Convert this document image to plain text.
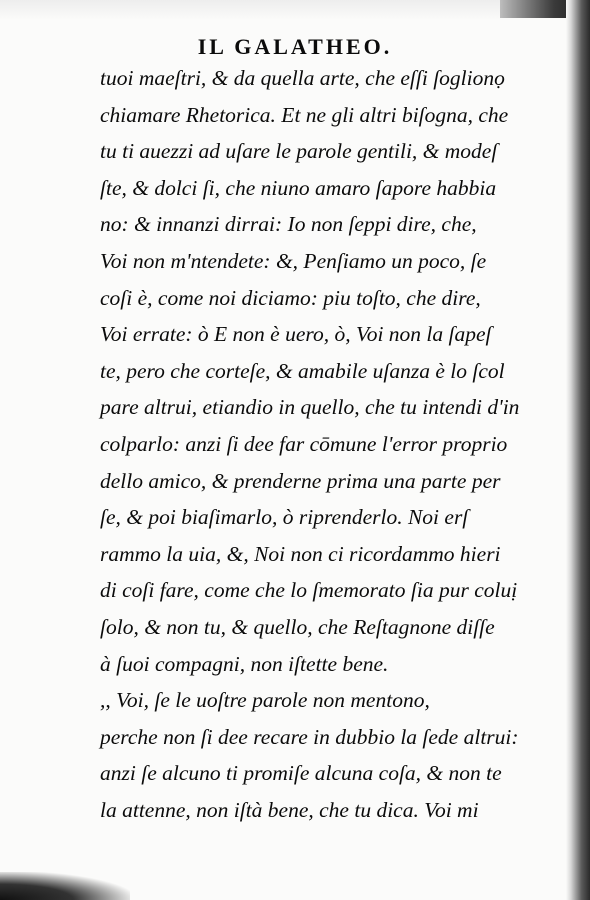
IL GALATHEO.
tuoi maeſtri, & da quella arte, che eſſi ſoglionọ
chiamare Rhetorica. Et ne gli altri biſogna, che
tu ti auezzi ad uſare le parole gentili, & modeſ
ſte, & dolci ſi, che niuno amaro ſapore habbia
no: & innanzi dirrai: Io non ſeppi dire, che,
Voi non m'ntendete: &, Penſiamo un poco, ſe
coſi è, come noi diciamo: piu toſto, che dire,
Voi errate: ò E non è uero, ò, Voi non la ſapeſ
te, pero che corteſe, & amabile uſanza è lo ſcol
pare altrui, etiandio in quello, che tu intendi d'in
colparlo: anzi ſi dee far cōmune l'error proprio
dello amico, & prenderne prima una parte per
ſe, & poi biaſimarlo, ò riprenderlo. Noi erſ
rammo la uia, &, Noi non ci ricordammo hieri
di coſi fare, come che lo ſmemorato ſia pur coluị
ſolo, & non tu, & quello, che Reſtagnone diſſe
à ſuoi compagni, non iſtette bene.
,, Voi, ſe le uoſtre parole non mentono,
perche non ſi dee recare in dubbio la ſede altrui:
anzi ſe alcuno ti promiſe alcuna coſa, & non te
la attenne, non iſtà bene, che tu dica. Voi mi
